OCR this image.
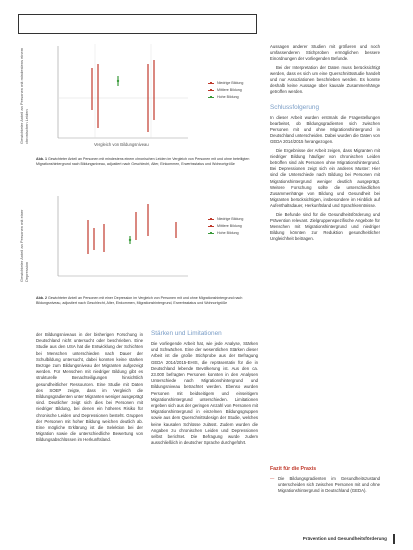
Gewichteter Anteil an Personen mit mindestens einem chronischen Leiden
Niedrige Bildung
Mittlere Bildung
Hohe Bildung
Vergleich von Bildungsniveau
Abb. 1 Gewichteter Anteil an Personen mit mindestens einem chronischen Leiden im Vergleich von Personen mit und ohne beteiligten Migrationshintergrund nach Bildungsniveau, adjustiert nach Geschlecht, Alter, Einkommen, Erwerbsstatus und Wohnortgröße
Gewichteter Anteil an Personen mit einer Depression
Niedrige Bildung
Mittlere Bildung
Hohe Bildung
Abb. 2 Gewichteter Anteil an Personen mit einer Depression im Vergleich von Personen mit und ohne Migrationshintergrund nach Bildungsniveau, adjustiert nach Geschlecht, Alter, Einkommen, Migrationshintergrund, Erwerbsstatus und Wohnortgröße

der Bildungsniveaus in der bisherigen Forschung in Deutschland nicht untersucht oder beschrieben. Eine Studie aus den USA hat die Entwicklung der Schichten bei Menschen unterschieden nach Dauer der Schulbildung untersucht, dabei konnten keine starken Bezüge zum Bildungsniveau der Migranten aufgezeigt werden. Für Menschen mit niedriger Bildung gibt es strukturelle Benachteiligungen hinsichtlich gesundheitlicher Ressourcen. Eine Studie mit Daten des SOEP zeigte, dass im Vergleich die Bildungsgradienten unter Migranten weniger ausgeprägt sind. Deutlicher zeigt sich dies bei Personen mit niedriger Bildung, bei denen ein höheres Risiko für chronische Leiden und Depressionen besteht. Gruppen der Personen mit hoher Bildung weichen deutlich ab. Eine mögliche Erklärung ist die Selektion bei der Migration sowie die unterschiedliche Bewertung von Bildungsabschlüssen im Herkunftsland.

Stärken und Limitationen

Die vorliegende Arbeit hat, wie jede Analyse, Stärken und Schwächen. Eine der wesentlichen Stärken dieser Arbeit ist die große Stichprobe aus der Befragung GEDA 2014/2015-EHIS, die repräsentativ für die in Deutschland lebende Bevölkerung ist. Aus den ca. 23.000 befragten Personen konnten in den Analysen Unterschiede nach Migrationshintergrund und Bildungsniveau betrachtet werden. Ebenso wurden Personen mit beidseitigem und einseitigem Migrationshintergrund unterschieden. Limitationen ergeben sich aus der geringen Anzahl von Personen mit Migrationshintergrund in einzelnen Bildungsgruppen sowie aus dem Querschnittsdesign der Studie, welches keine kausalen Schlüsse zulässt. Zudem wurden die Angaben zu chronischen Leiden und Depressionen selbst berichtet. Die Befragung wurde zudem ausschließlich in deutscher Sprache durchgeführt.

Aussagen anderer Studien mit größeren und noch umfassenderen Stichproben ermöglichen bessere Einordnungen der vorliegenden Befunde.

Bei der Interpretation der Daten muss berücksichtigt werden, dass es sich um eine Querschnittsstudie handelt und nur Assoziationen beschrieben werden. Es konnte deshalb keine Aussage über kausale Zusammenhänge getroffen werden.

Schlussfolgerung

In dieser Arbeit wurden erstmals die Fragestellungen bearbeitet, ob Bildungsgradienten sich zwischen Personen mit und ohne Migrationshintergrund in Deutschland unterscheiden. Dabei wurden die Daten von GEDA 2014/2015 herangezogen.

Die Ergebnisse der Arbeit zeigen, dass Migranten mit niedriger Bildung häufiger von chronischen Leiden betroffen sind als Personen ohne Migrationshintergrund. Bei Depressionen zeigt sich ein anderes Muster: Hier sind die Unterschiede nach Bildung bei Personen mit Migrationshintergrund weniger deutlich ausgeprägt. Weitere Forschung sollte die unterschiedlichen Zusammenhänge von Bildung und Gesundheit bei Migranten berücksichtigen, insbesondere im Hinblick auf Aufenthaltsdauer, Herkunftsland und Sprachkenntnisse.

Die Befunde sind für die Gesundheitsförderung und Prävention relevant. Zielgruppenspezifische Angebote für Menschen mit Migrationshintergrund und niedriger Bildung könnten zur Reduktion gesundheitlicher Ungleichheit beitragen.

Fazit für die Praxis
— Die Bildungsgradienten im Gesundheitszustand unterscheiden sich zwischen Personen mit und ohne Migrationshintergrund in Deutschland (GEDA).
Prävention und Gesundheitsförderung
